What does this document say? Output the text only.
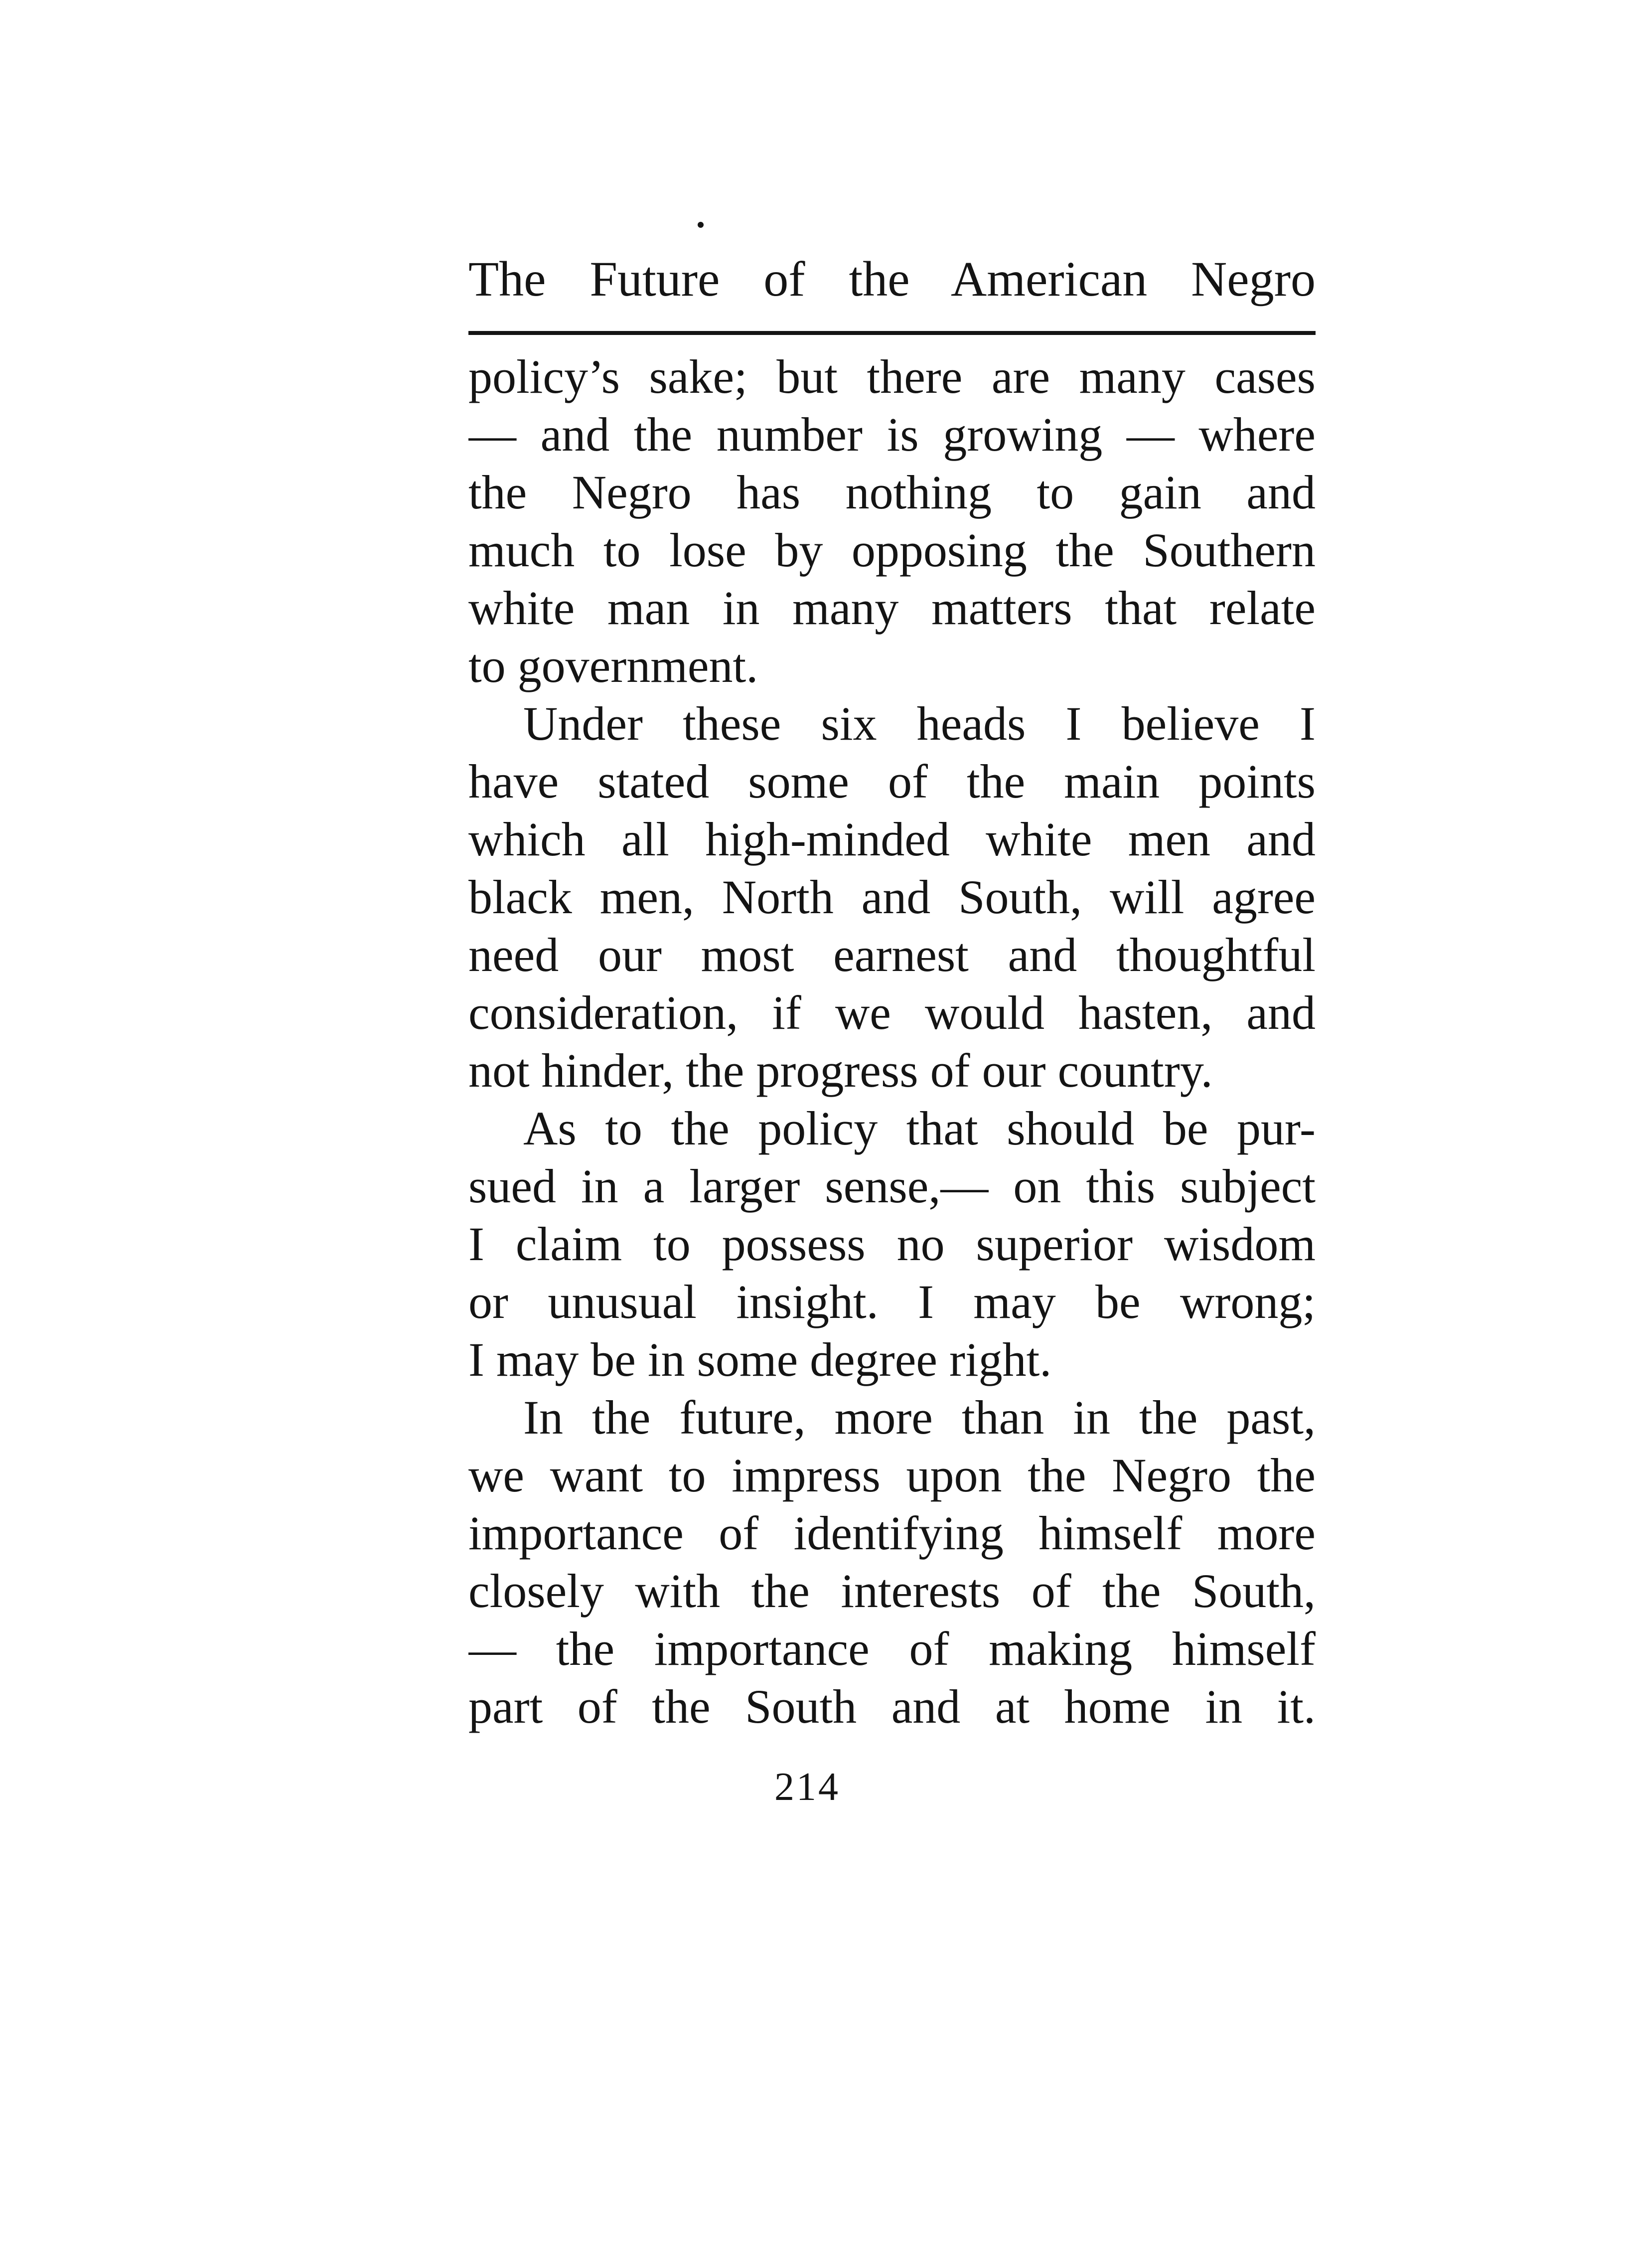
The Future of the American Negro
policy’s sake; but there are many cases
— and the number is growing — where
the Negro has nothing to gain and
much to lose by opposing the Southern
white man in many matters that relate
to government.
Under these six heads I believe I
have stated some of the main points
which all high-minded white men and
black men, North and South, will agree
need our most earnest and thoughtful
consideration, if we would hasten, and
not hinder, the progress of our country.
As to the policy that should be pur-
sued in a larger sense,— on this subject
I claim to possess no superior wisdom
or unusual insight. I may be wrong;
I may be in some degree right.
In the future, more than in the past,
we want to impress upon the Negro the
importance of identifying himself more
closely with the interests of the South,
— the importance of making himself
part of the South and at home in it.
214
